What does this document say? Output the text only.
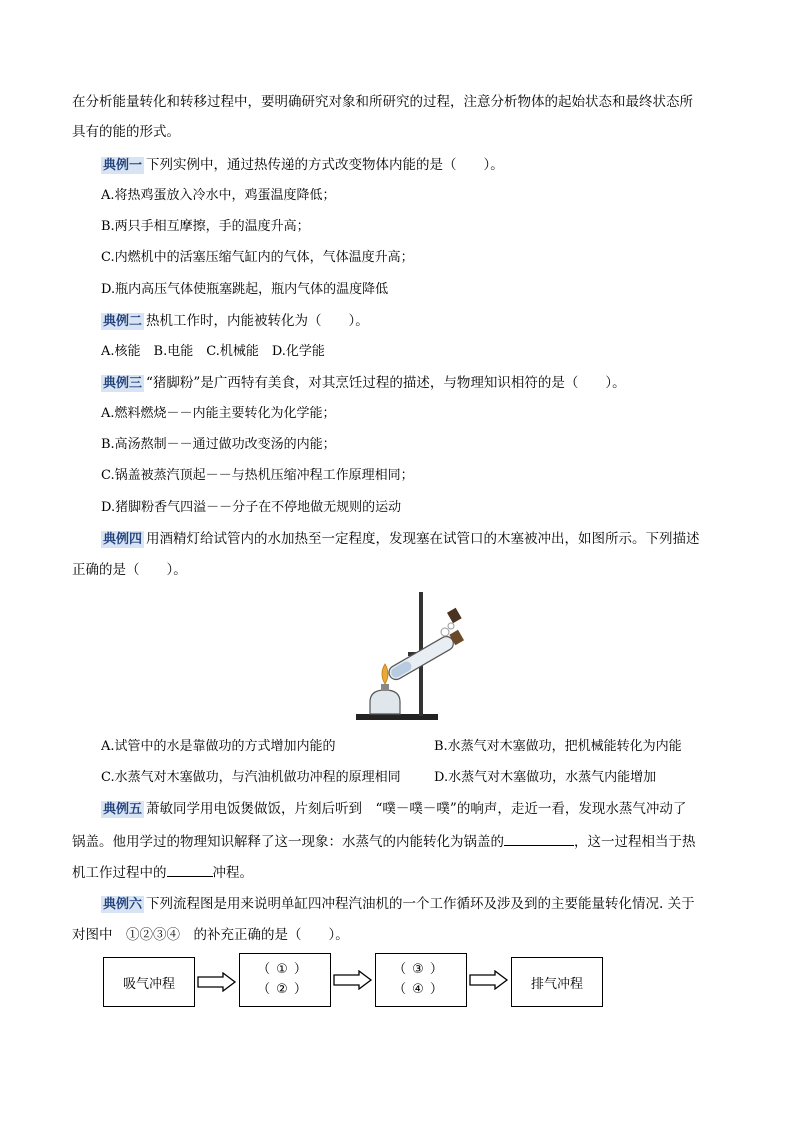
在分析能量转化和转移过程中，要明确研究对象和所研究的过程，注意分析物体的起始状态和最终状态所
具有的能的形式。
典例一 下列实例中，通过热传递的方式改变物体内能的是（　　）。
A.将热鸡蛋放入冷水中，鸡蛋温度降低；
B.两只手相互摩擦，手的温度升高；
C.内燃机中的活塞压缩气缸内的气体，气体温度升高；
D.瓶内高压气体使瓶塞跳起，瓶内气体的温度降低
典例二 热机工作时，内能被转化为（　　）。
A.核能　B.电能　C.机械能　D.化学能
典例三 “猪脚粉”是广西特有美食，对其烹饪过程的描述，与物理知识相符的是（　　）。
A.燃料燃烧－－内能主要转化为化学能；
B.高汤熬制－－通过做功改变汤的内能；
C.锅盖被蒸汽顶起－－与热机压缩冲程工作原理相同；
D.猪脚粉香气四溢－－分子在不停地做无规则的运动
典例四 用酒精灯给试管内的水加热至一定程度，发现塞在试管口的木塞被冲出，如图所示。下列描述
正确的是（　　）。
A.试管中的水是靠做功的方式增加内能的	B.水蒸气对木塞做功，把机械能转化为内能
C.水蒸气对木塞做功，与汽油机做功冲程的原理相同	D.水蒸气对木塞做功，水蒸气内能增加
典例五 萧敏同学用电饭煲做饭，片刻后听到　“噗－噗－噗”的响声，走近一看，发现水蒸气冲动了
锅盖。他用学过的物理知识解释了这一现象：水蒸气的内能转化为锅盖的	，这一过程相当于热
机工作过程中的	冲程。
典例六 下列流程图是用来说明单缸四冲程汽油机的一个工作循环及涉及到的主要能量转化情况. 关于
对图中　①②③④　的补充正确的是（　　）。
吸气冲程
（①）
（②）
（③）
（④）	排气冲程
